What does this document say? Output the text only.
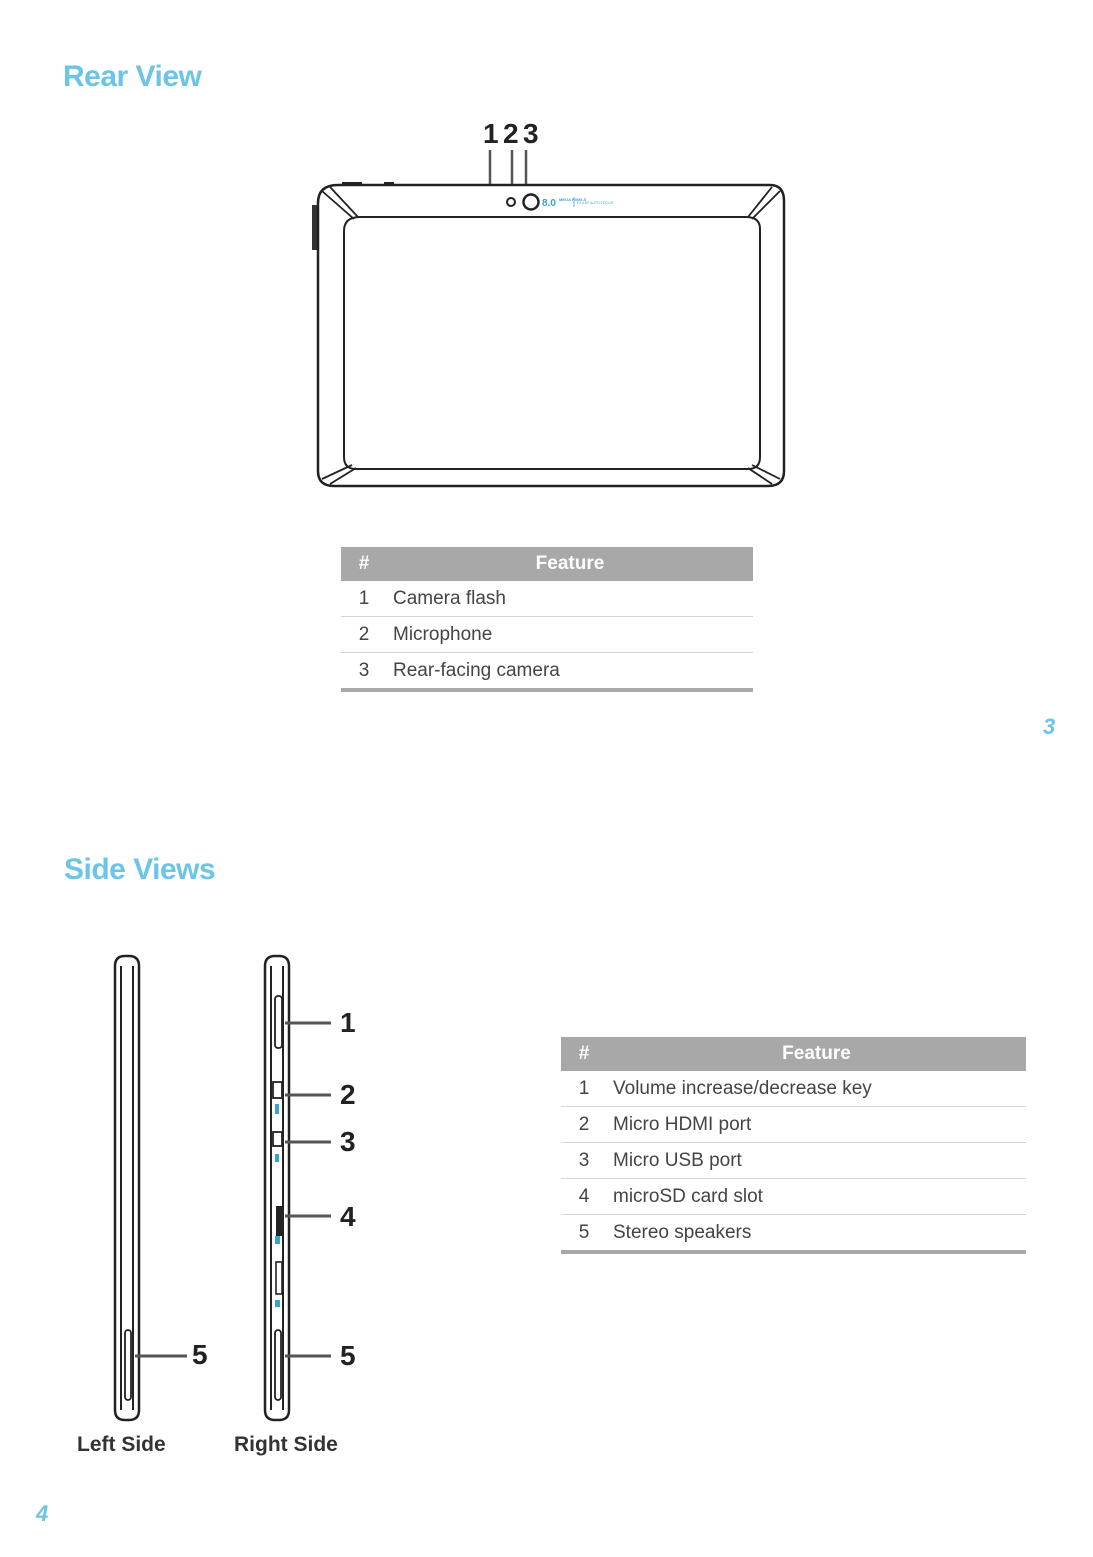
Rear View
1 2 3
8.0 MEGA PIXELS
F2.4 AF AUTO FOCUS
#	Feature
1	Camera flash
2	Microphone
3	Rear-facing camera
3
Side Views
5
1
2
3
4
5
Left Side	Right Side
#	Feature
1	Volume increase/decrease key
2	Micro HDMI port
3	Micro USB port
4	microSD card slot
5	Stereo speakers
4
